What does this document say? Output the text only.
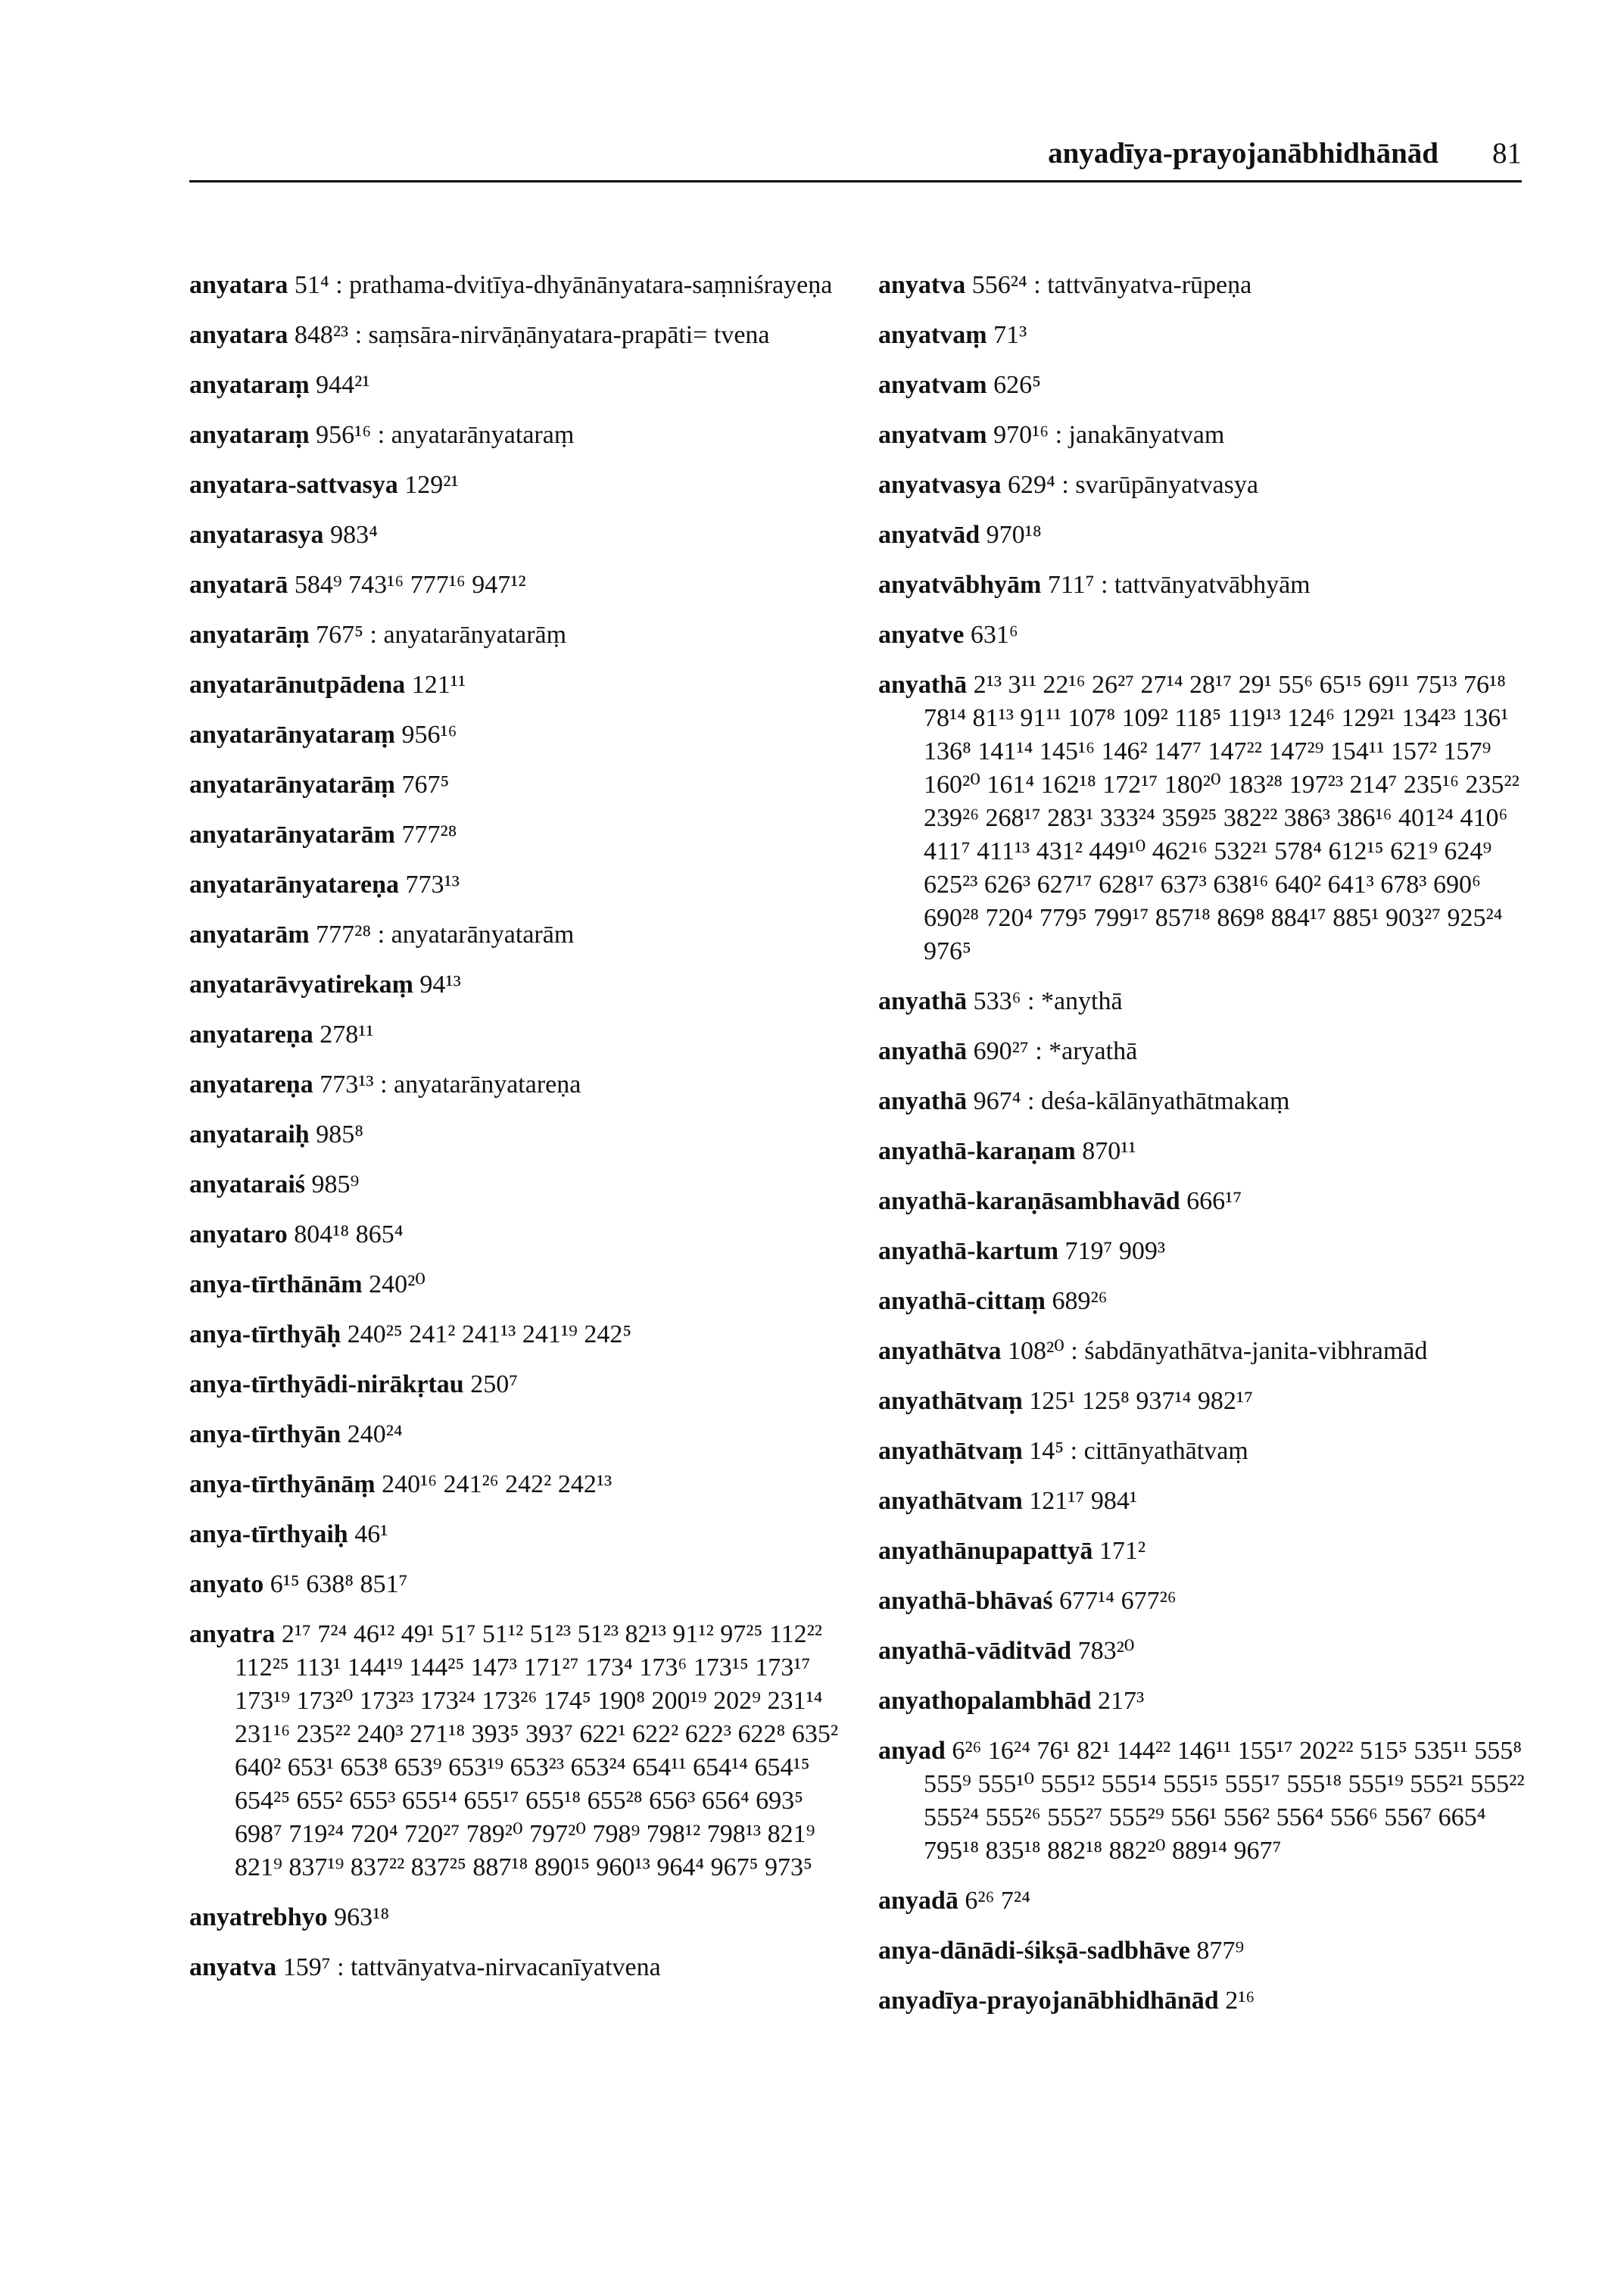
anyadīya-prayojanābhidhānād 81
anyatara 51⁴ : prathama-dvitīya-dhyānānyatara-saṃniśrayeṇa
anyatara 848²³ : saṃsāra-nirvāṇānyatara-prapāti= tvena
anyataraṃ 944²¹
anyataraṃ 956¹⁶ : anyatarānyataraṃ
anyatara-sattvasya 129²¹
anyatarasya 983⁴
anyatarā 584⁹ 743¹⁶ 777¹⁶ 947¹²
anyatarāṃ 767⁵ : anyatarānyatarāṃ
anyatarānutpādena 121¹¹
anyatarānyataraṃ 956¹⁶
anyatarānyatarāṃ 767⁵
anyatarānyatarām 777²⁸
anyatarānyatareṇa 773¹³
anyatarām 777²⁸ : anyatarānyatarām
anyatarāvyatirekaṃ 94¹³
anyatareṇa 278¹¹
anyatareṇa 773¹³ : anyatarānyatareṇa
anyataraiḥ 985⁸
anyataraiś 985⁹
anyataro 804¹⁸ 865⁴
anya-tīrthānām 240²⁰
anya-tīrthyāḥ 240²⁵ 241² 241¹³ 241¹⁹ 242⁵
anya-tīrthyādi-nirākṛtau 250⁷
anya-tīrthyān 240²⁴
anya-tīrthyānāṃ 240¹⁶ 241²⁶ 242² 242¹³
anya-tīrthyaiḥ 46¹
anyato 6¹⁵ 638⁸ 851⁷
anyatra 2¹⁷ 7²⁴ 46¹² 49¹ 51⁷ 51¹² 51²³ 51²³ 82¹³ 91¹² 97²⁵ 112²² 112²⁵ 113¹ 144¹⁹ 144²⁵ 147³ 171²⁷ 173⁴ 173⁶ 173¹⁵ 173¹⁷ 173¹⁹ 173²⁰ 173²³ 173²⁴ 173²⁶ 174⁵ 190⁸ 200¹⁹ 202⁹ 231¹⁴ 231¹⁶ 235²² 240³ 271¹⁸ 393⁵ 393⁷ 622¹ 622² 622³ 622⁸ 635² 640² 653¹ 653⁸ 653⁹ 653¹⁹ 653²³ 653²⁴ 654¹¹ 654¹⁴ 654¹⁵ 654²⁵ 655² 655³ 655¹⁴ 655¹⁷ 655¹⁸ 655²⁸ 656³ 656⁴ 693⁵ 698⁷ 719²⁴ 720⁴ 720²⁷ 789²⁰ 797²⁰ 798⁹ 798¹² 798¹³ 821⁹ 821⁹ 837¹⁹ 837²² 837²⁵ 887¹⁸ 890¹⁵ 960¹³ 964⁴ 967⁵ 973⁵
anyatrebhyo 963¹⁸
anyatva 159⁷ : tattvānyatva-nirvacanīyatvena
anyatva 556²⁴ : tattvānyatva-rūpeṇa
anyatvaṃ 71³
anyatvam 626⁵
anyatvam 970¹⁶ : janakānyatvam
anyatvasya 629⁴ : svarūpānyatvasya
anyatvād 970¹⁸
anyatvābhyām 711⁷ : tattvānyatvābhyām
anyatve 631⁶
anyathā 2¹³ 3¹¹ 22¹⁶ 26²⁷ 27¹⁴ 28¹⁷ 29¹ 55⁶ 65¹⁵ 69¹¹ 75¹³ 76¹⁸ 78¹⁴ 81¹³ 91¹¹ 107⁸ 109² 118⁵ 119¹³ 124⁶ 129²¹ 134²³ 136¹ 136⁸ 141¹⁴ 145¹⁶ 146² 147⁷ 147²² 147²⁹ 154¹¹ 157² 157⁹ 160²⁰ 161⁴ 162¹⁸ 172¹⁷ 180²⁰ 183²⁸ 197²³ 214⁷ 235¹⁶ 235²² 239²⁶ 268¹⁷ 283¹ 333²⁴ 359²⁵ 382²² 386³ 386¹⁶ 401²⁴ 410⁶ 411⁷ 411¹³ 431² 449¹⁰ 462¹⁶ 532²¹ 578⁴ 612¹⁵ 621⁹ 624⁹ 625²³ 626³ 627¹⁷ 628¹⁷ 637³ 638¹⁶ 640² 641³ 678³ 690⁶ 690²⁸ 720⁴ 779⁵ 799¹⁷ 857¹⁸ 869⁸ 884¹⁷ 885¹ 903²⁷ 925²⁴ 976⁵
anyathā 533⁶ : *anythā
anyathā 690²⁷ : *aryathā
anyathā 967⁴ : deśa-kālānyathātmakaṃ
anyathā-karaṇam 870¹¹
anyathā-karaṇāsambhavād 666¹⁷
anyathā-kartum 719⁷ 909³
anyathā-cittaṃ 689²⁶
anyathātva 108²⁰ : śabdānyathātva-janita-vibhramād
anyathātvaṃ 125¹ 125⁸ 937¹⁴ 982¹⁷
anyathātvaṃ 14⁵ : cittānyathātvaṃ
anyathātvam 121¹⁷ 984¹
anyathānupapattyā 171²
anyathā-bhāvaś 677¹⁴ 677²⁶
anyathā-vāditvād 783²⁰
anyathopalambhād 217³
anyad 6²⁶ 16²⁴ 76¹ 82¹ 144²² 146¹¹ 155¹⁷ 202²² 515⁵ 535¹¹ 555⁸ 555⁹ 555¹⁰ 555¹² 555¹⁴ 555¹⁵ 555¹⁷ 555¹⁸ 555¹⁹ 555²¹ 555²² 555²⁴ 555²⁶ 555²⁷ 555²⁹ 556¹ 556² 556⁴ 556⁶ 556⁷ 665⁴ 795¹⁸ 835¹⁸ 882¹⁸ 882²⁰ 889¹⁴ 967⁷
anyadā 6²⁶ 7²⁴
anya-dānādi-śikṣā-sadbhāve 877⁹
anyadīya-prayojanābhidhānād 2¹⁶
